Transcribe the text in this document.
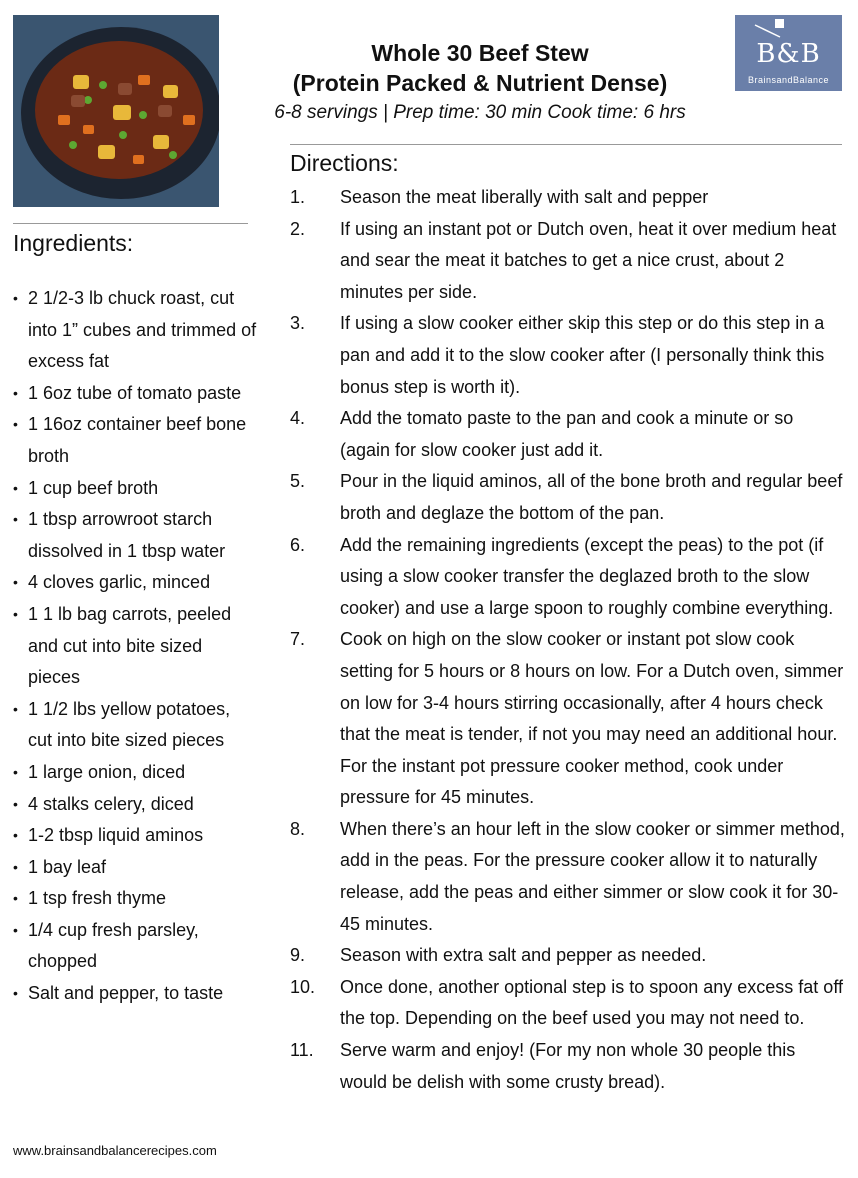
B&B
BrainsandBalance
Whole 30 Beef Stew
(Protein Packed & Nutrient Dense)
6-8 servings | Prep time: 30 min Cook time: 6 hrs
Ingredients:
• 2 1/2-3 lb chuck roast, cut into 1” cubes and trimmed of excess fat
• 1 6oz tube of tomato paste
• 1 16oz container beef bone broth
• 1 cup beef broth
• 1 tbsp arrowroot starch dissolved in 1 tbsp water
• 4 cloves garlic, minced
• 1 1 lb bag carrots, peeled and cut into bite sized pieces
• 1 1/2 lbs yellow potatoes, cut into bite sized pieces
• 1 large onion, diced
• 4 stalks celery, diced
• 1-2 tbsp liquid aminos
• 1 bay leaf
• 1 tsp fresh thyme
• 1/4 cup fresh parsley, chopped
• Salt and pepper, to taste
Directions:
1. Season the meat liberally with salt and pepper
2. If using an instant pot or Dutch oven, heat it over medium heat and sear the meat it batches to get a nice crust, about 2 minutes per side.
3. If using a slow cooker either skip this step or do this step in a pan and add it to the slow cooker after (I personally think this bonus step is worth it).
4. Add the tomato paste to the pan and cook a minute or so (again for slow cooker just add it.
5. Pour in the liquid aminos, all of the bone broth and regular beef broth and deglaze the bottom of the pan.
6. Add the remaining ingredients (except the peas) to the pot (if using a slow cooker transfer the deglazed broth to the slow cooker) and use a large spoon to roughly combine everything.
7. Cook on high on the slow cooker or instant pot slow cook setting for 5 hours or 8 hours on low. For a Dutch oven, simmer on low for 3-4 hours stirring occasionally, after 4 hours check that the meat is tender, if not you may need an additional hour. For the instant pot pressure cooker method, cook under pressure for 45 minutes.
8. When there’s an hour left in the slow cooker or simmer method, add in the peas. For the pressure cooker allow it to naturally release, add the peas and either simmer or slow cook it for 30-45 minutes.
9. Season with extra salt and pepper as needed.
10. Once done, another optional step is to spoon any excess fat off the top. Depending on the beef used you may not need to.
11. Serve warm and enjoy! (For my non whole 30 people this would be delish with some crusty bread).
www.brainsandbalancerecipes.com
